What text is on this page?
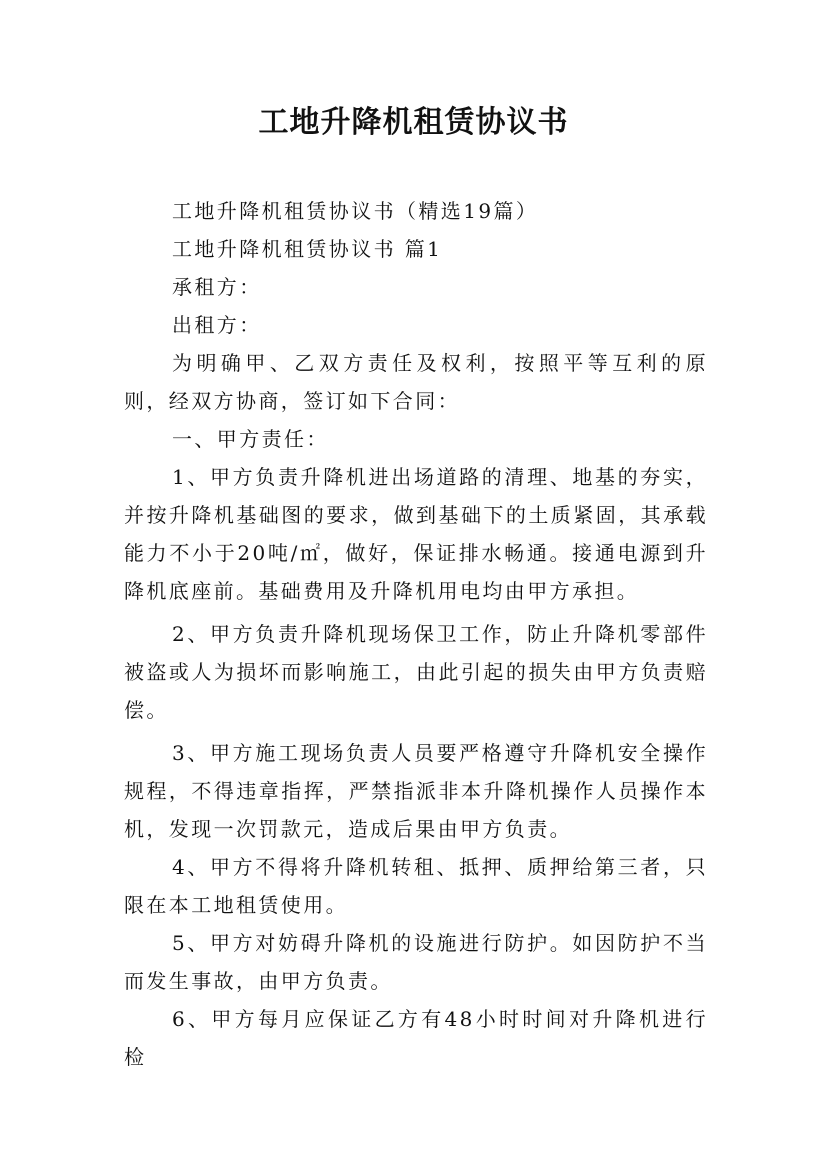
工地升降机租赁协议书

工地升降机租赁协议书（精选19篇）

工地升降机租赁协议书 篇1

承租方：

出租方：

为明确甲、乙双方责任及权利，按照平等互利的原则，经双方协商，签订如下合同：

一、甲方责任：

1、甲方负责升降机进出场道路的清理、地基的夯实，并按升降机基础图的要求，做到基础下的土质紧固，其承载能力不小于20吨/㎡，做好，保证排水畅通。接通电源到升降机底座前。基础费用及升降机用电均由甲方承担。

2、甲方负责升降机现场保卫工作，防止升降机零部件被盗或人为损坏而影响施工，由此引起的损失由甲方负责赔偿。

3、甲方施工现场负责人员要严格遵守升降机安全操作规程，不得违章指挥，严禁指派非本升降机操作人员操作本机，发现一次罚款元，造成后果由甲方负责。

4、甲方不得将升降机转租、抵押、质押给第三者，只限在本工地租赁使用。

5、甲方对妨碍升降机的设施进行防护。如因防护不当而发生事故，由甲方负责。

6、甲方每月应保证乙方有48小时时间对升降机进行检
